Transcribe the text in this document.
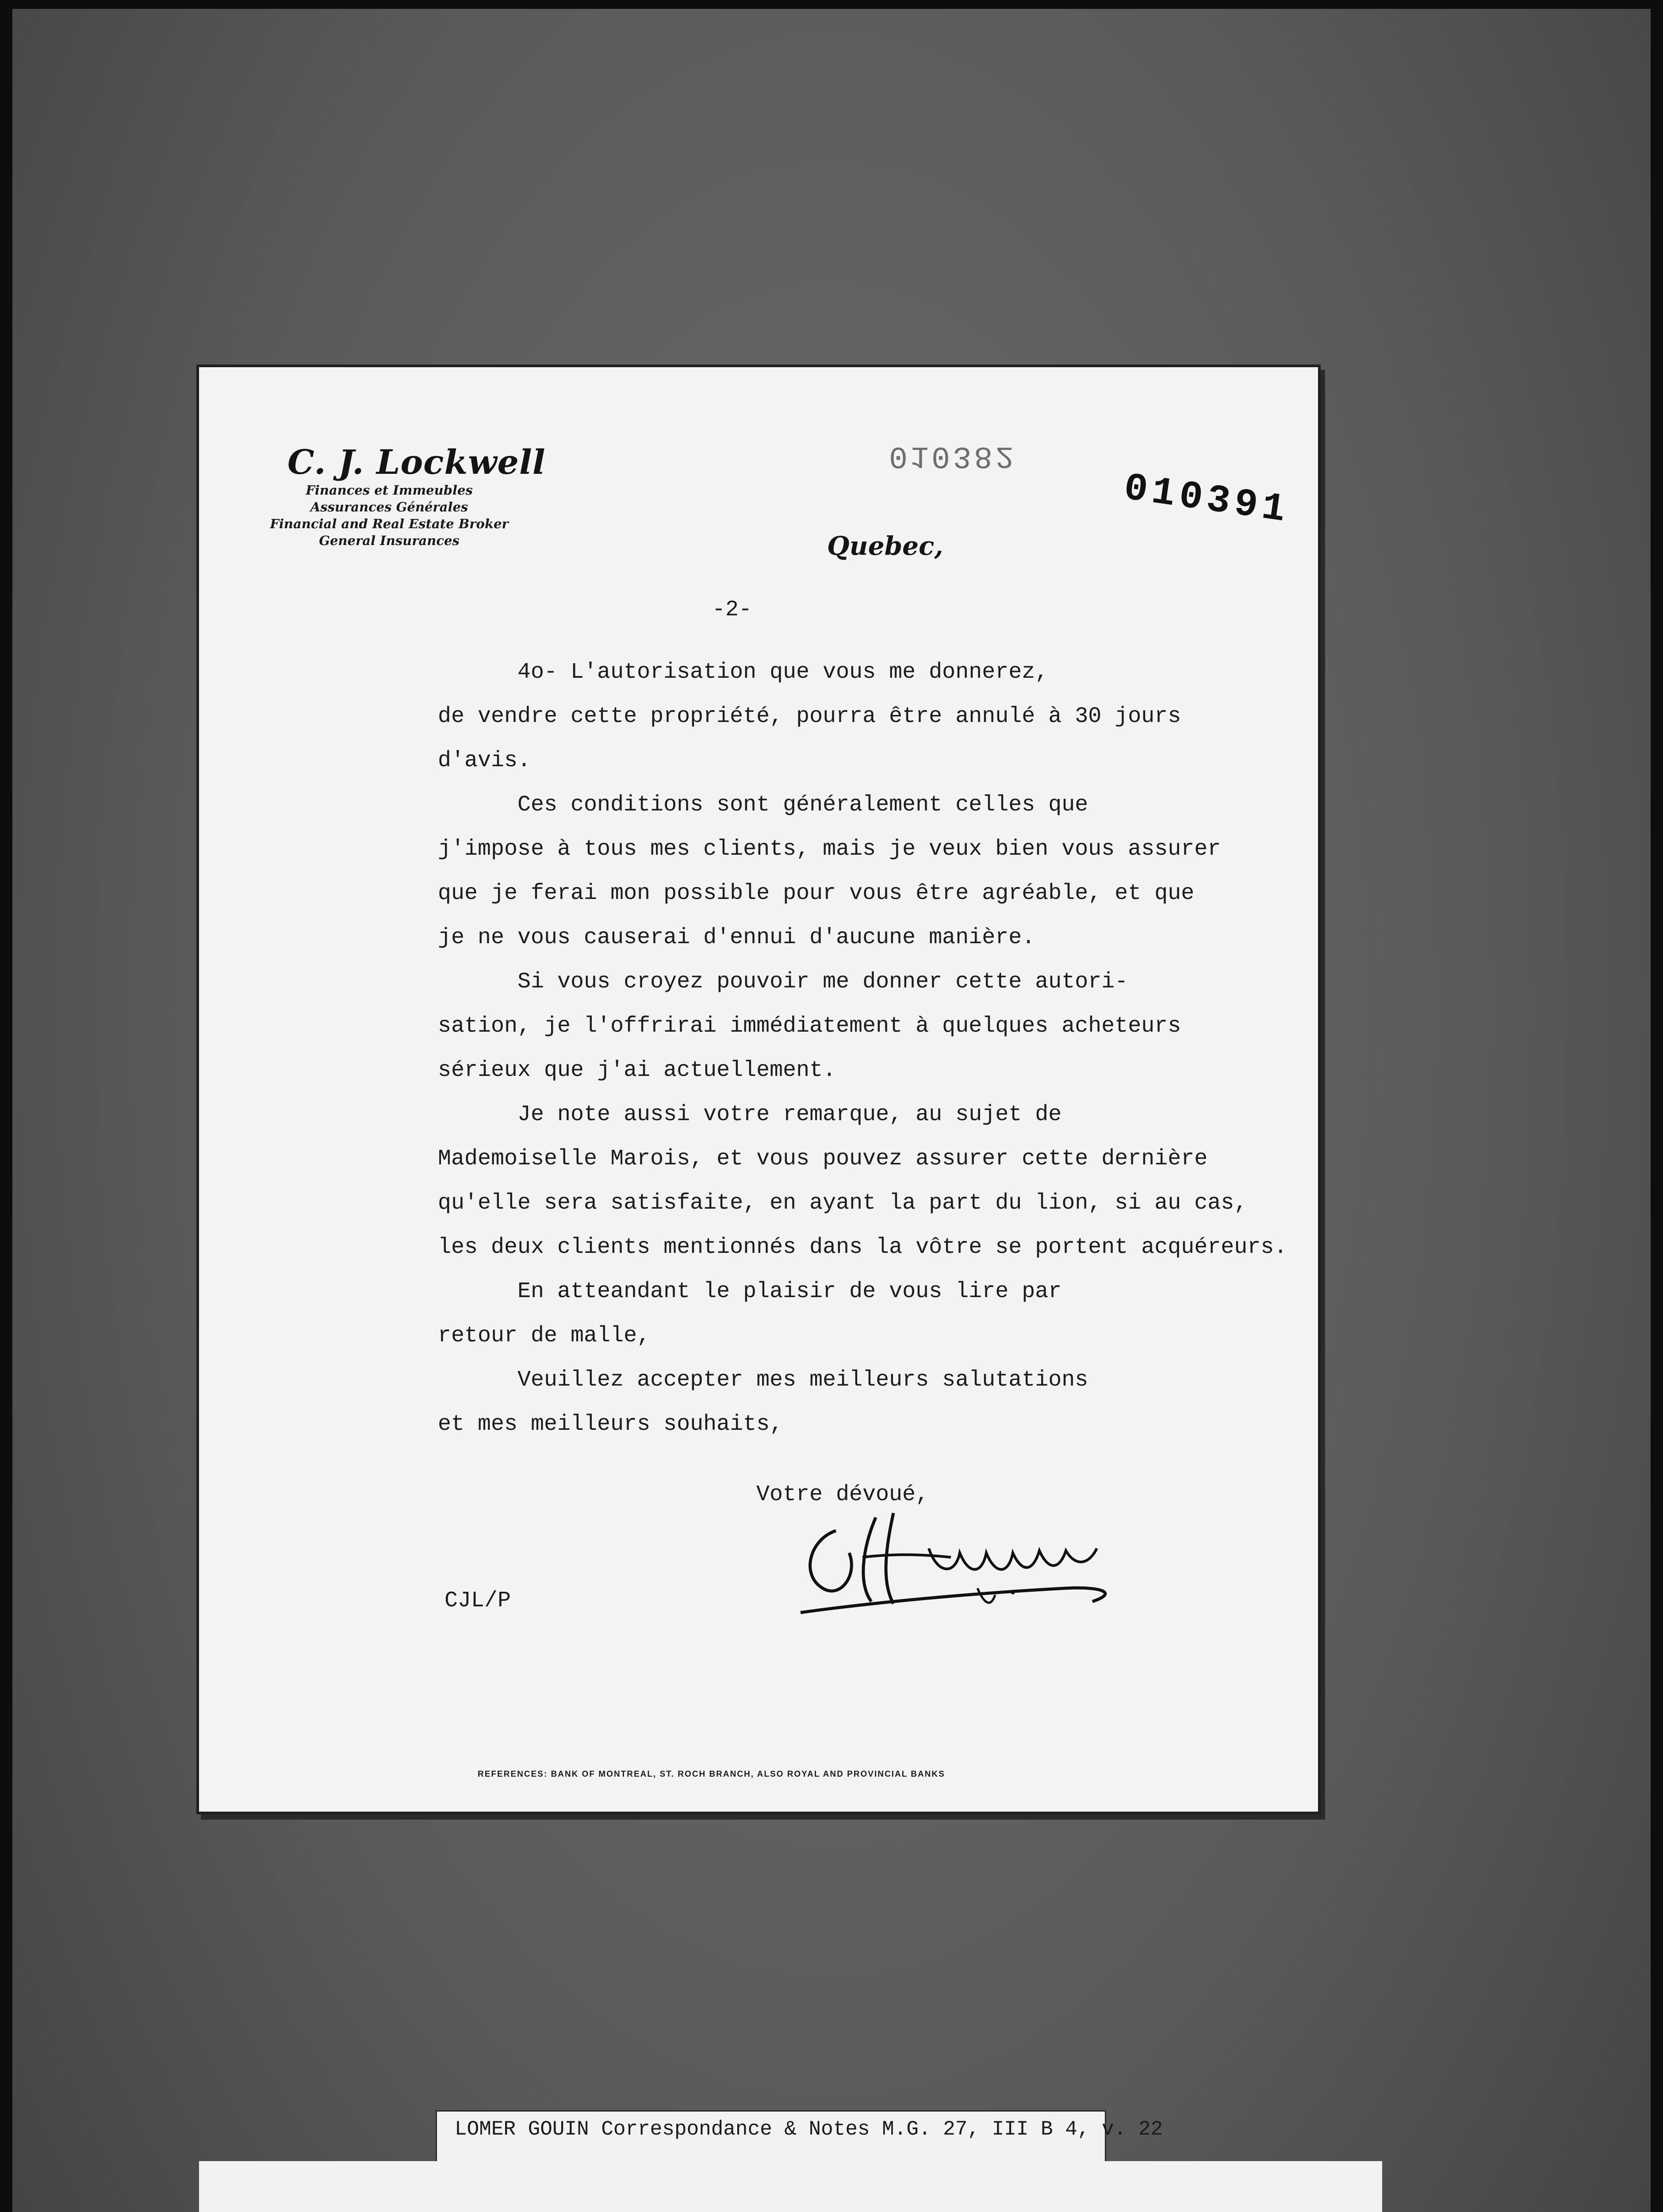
C. J. Lockwell
Finances et Immeubles
Assurances Générales
Financial and Real Estate Broker
General Insurances
010382
010391
Quebec,
-2-
4o- L'autorisation que vous me donnerez,
de vendre cette propriété, pourra être annulé à 30 jours
d'avis.
Ces conditions sont généralement celles que
j'impose à tous mes clients, mais je veux bien vous assurer
que je ferai mon possible pour vous être agréable, et que
je ne vous causerai d'ennui d'aucune manière.
Si vous croyez pouvoir me donner cette autori-
sation, je l'offrirai immédiatement à quelques acheteurs
sérieux que j'ai actuellement.
Je note aussi votre remarque, au sujet de
Mademoiselle Marois, et vous pouvez assurer cette dernière
qu'elle sera satisfaite, en ayant la part du lion, si au cas,
les deux clients mentionnés dans la vôtre se portent acquéreurs.
En atteandant le plaisir de vous lire par
retour de malle,
Veuillez accepter mes meilleurs salutations
et mes meilleurs souhaits,
Votre dévoué,
CJL/P
REFERENCES: BANK OF MONTREAL, ST. ROCH BRANCH, ALSO ROYAL AND PROVINCIAL BANKS
LOMER GOUIN Correspondance & Notes M.G. 27, III B 4, v. 22
